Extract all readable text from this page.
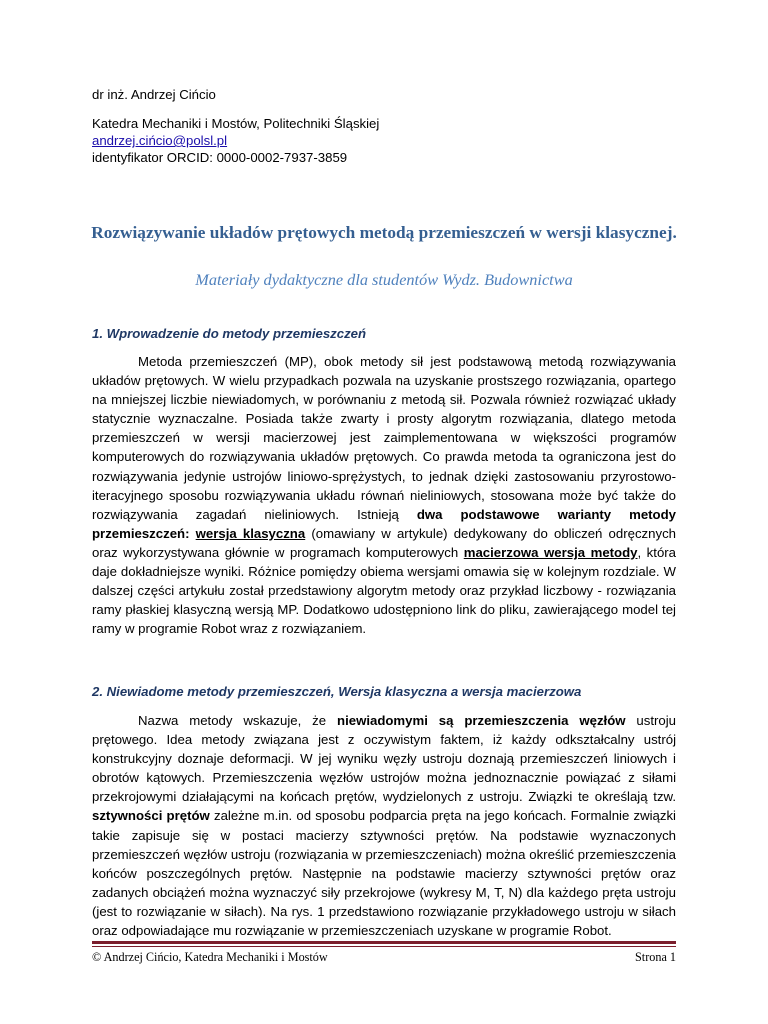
dr inż. Andrzej Cińcio
Katedra Mechaniki i Mostów, Politechniki Śląskiej
andrzej.cińcio@polsl.pl
identyfikator ORCID: 0000-0002-7937-3859
Rozwiązywanie układów prętowych metodą przemieszczeń w wersji klasycznej.
Materiały dydaktyczne dla studentów Wydz. Budownictwa
1. Wprowadzenie do metody przemieszczeń
Metoda przemieszczeń (MP), obok metody sił jest podstawową metodą rozwiązywania układów prętowych. W wielu przypadkach pozwala na uzyskanie prostszego rozwiązania, opartego na mniejszej liczbie niewiadomych, w porównaniu z metodą sił. Pozwala również rozwiązać układy statycznie wyznaczalne. Posiada także zwarty i prosty algorytm rozwiązania, dlatego metoda przemieszczeń w wersji macierzowej jest zaimplementowana w większości programów komputerowych do rozwiązywania układów prętowych. Co prawda metoda ta ograniczona jest do rozwiązywania jedynie ustrojów liniowo-sprężystych, to jednak dzięki zastosowaniu przyrostowo-iteracyjnego sposobu rozwiązywania układu równań nieliniowych, stosowana może być także do rozwiązywania zagadań nieliniowych. Istnieją dwa podstawowe warianty metody przemieszczeń: wersja klasyczna (omawiany w artykule) dedykowany do obliczeń odręcznych oraz wykorzystywana głównie w programach komputerowych macierzowa wersja metody, która daje dokładniejsze wyniki. Różnice pomiędzy obiema wersjami omawia się w kolejnym rozdziale. W dalszej części artykułu został przedstawiony algorytm metody oraz przykład liczbowy - rozwiązania ramy płaskiej klasyczną wersją MP. Dodatkowo udostępniono link do pliku, zawierającego model tej ramy w programie Robot wraz z rozwiązaniem.
2. Niewiadome metody przemieszczeń, Wersja klasyczna a wersja macierzowa
Nazwa metody wskazuje, że niewiadomymi są przemieszczenia węzłów ustroju prętowego. Idea metody związana jest z oczywistym faktem, iż każdy odkształcalny ustrój konstrukcyjny doznaje deformacji. W jej wyniku węzły ustroju doznają przemieszczeń liniowych i obrotów kątowych. Przemieszczenia węzłów ustrojów można jednoznacznie powiązać z siłami przekrojowymi działającymi na końcach prętów, wydzielonych z ustroju. Związki te określają tzw. sztywności prętów zależne m.in. od sposobu podparcia pręta na jego końcach. Formalnie związki takie zapisuje się w postaci macierzy sztywności prętów. Na podstawie wyznaczonych przemieszczeń węzłów ustroju (rozwiązania w przemieszczeniach) można określić przemieszczenia końców poszczególnych prętów. Następnie na podstawie macierzy sztywności prętów oraz zadanych obciążeń można wyznaczyć siły przekrojowe (wykresy M, T, N) dla każdego pręta ustroju (jest to rozwiązanie w siłach). Na rys. 1 przedstawiono rozwiązanie przykładowego ustroju w siłach oraz odpowiadające mu rozwiązanie w przemieszczeniach uzyskane w programie Robot.
© Andrzej Cińcio, Katedra Mechaniki i Mostów	Strona 1
